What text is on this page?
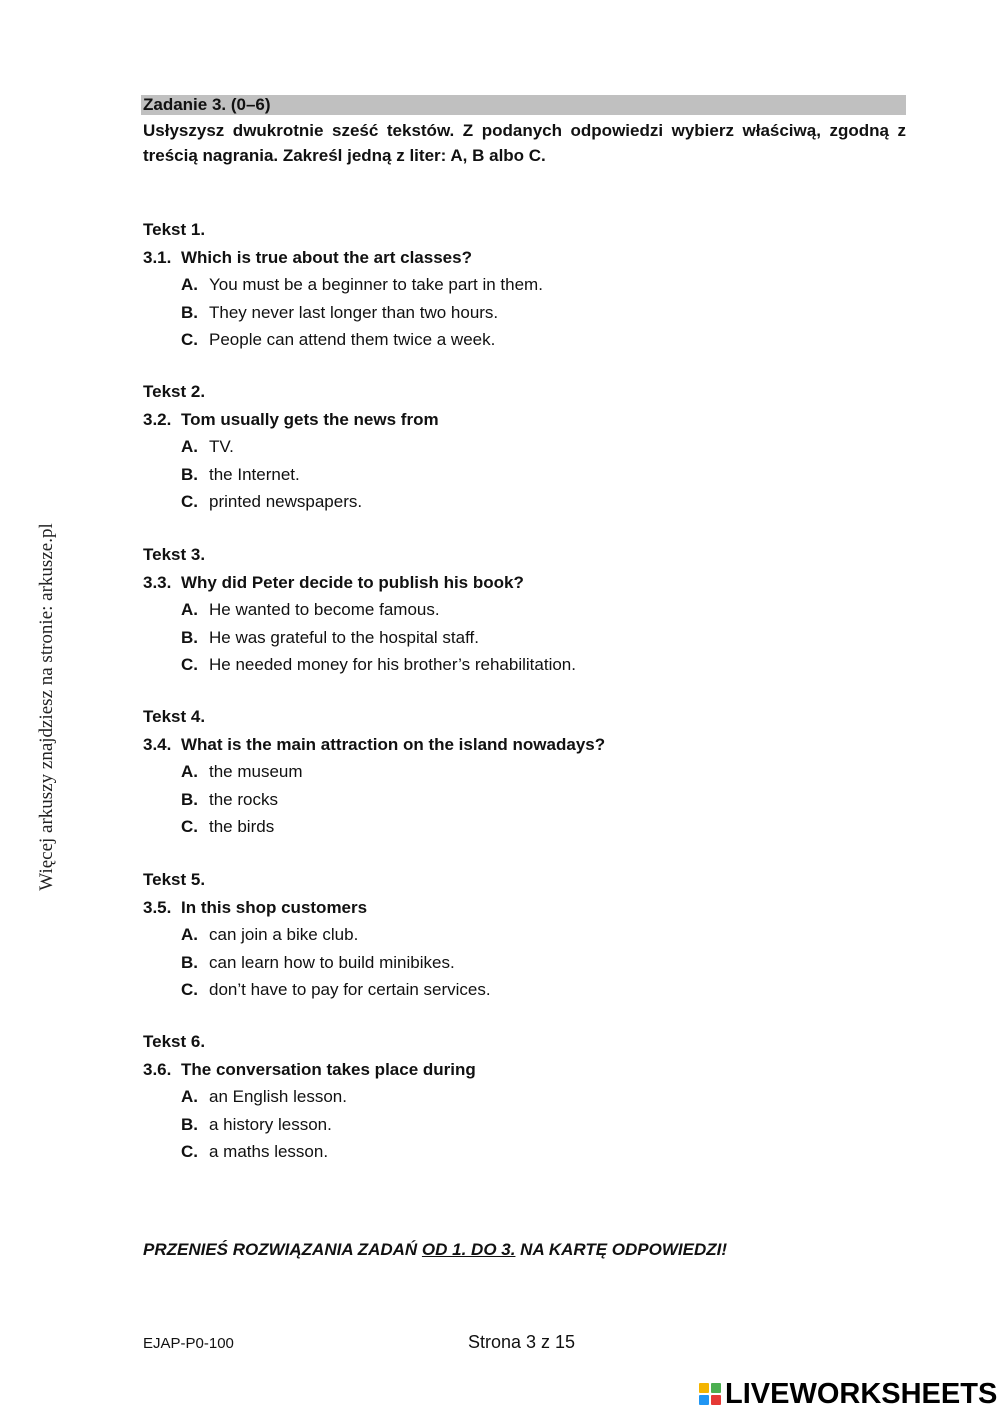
Więcej arkuszy znajdziesz na stronie: arkusze.pl
Zadanie 3. (0–6)
Usłyszysz dwukrotnie sześć tekstów. Z podanych odpowiedzi wybierz właściwą, zgodną z treścią nagrania. Zakreśl jedną z liter: A, B albo C.
Tekst 1.
3.1. Which is true about the art classes?
A. You must be a beginner to take part in them.
B. They never last longer than two hours.
C. People can attend them twice a week.
Tekst 2.
3.2. Tom usually gets the news from
A. TV.
B. the Internet.
C. printed newspapers.
Tekst 3.
3.3. Why did Peter decide to publish his book?
A. He wanted to become famous.
B. He was grateful to the hospital staff.
C. He needed money for his brother’s rehabilitation.
Tekst 4.
3.4. What is the main attraction on the island nowadays?
A. the museum
B. the rocks
C. the birds
Tekst 5.
3.5. In this shop customers
A. can join a bike club.
B. can learn how to build minibikes.
C. don’t have to pay for certain services.
Tekst 6.
3.6. The conversation takes place during
A. an English lesson.
B. a history lesson.
C. a maths lesson.
PRZENIEŚ ROZWIĄZANIA ZADAŃ OD 1. DO 3. NA KARTĘ ODPOWIEDZI!
EJAP-P0-100	Strona 3 z 15
LIVEWORKSHEETS
